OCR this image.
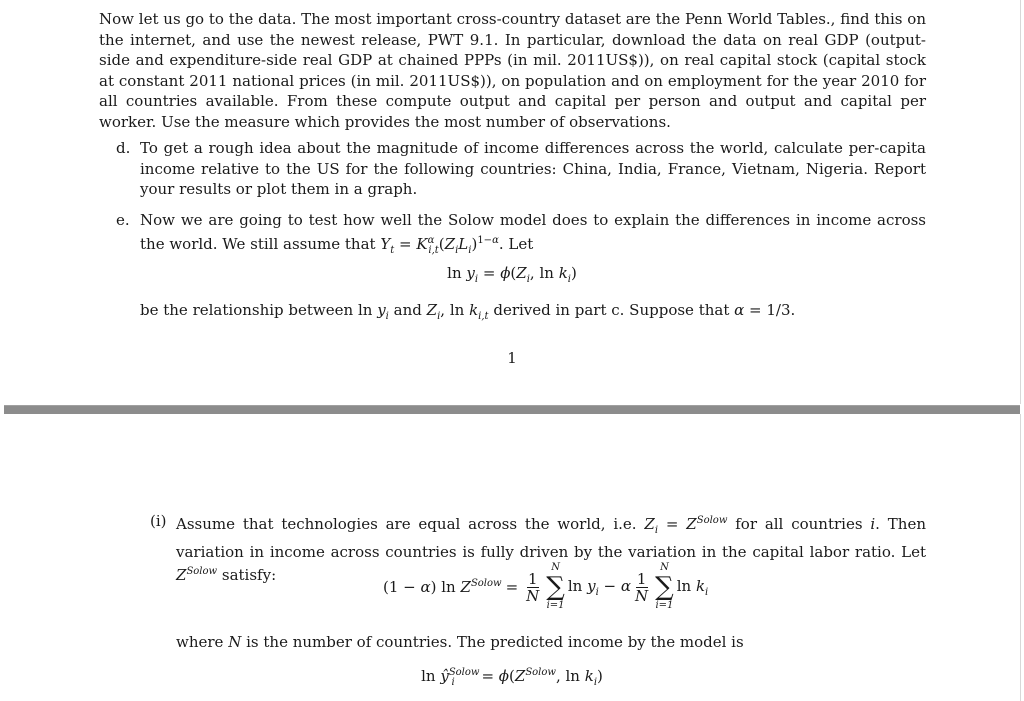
Now let us go to the data. The most important cross-country dataset are the Penn World Tables., find this on the internet, and use the newest release, PWT 9.1. In particular, download the data on real GDP (output-side and expenditure-side real GDP at chained PPPs (in mil. 2011US$)), on real capital stock (capital stock at constant 2011 national prices (in mil. 2011US$)), on population and on employment for the year 2010 for all countries available. From these compute output and capital per person and output and capital per worker. Use the measure which provides the most number of observations.

d. To get a rough idea about the magnitude of income differences across the world, calculate per-capita income relative to the US for the following countries: China, India, France, Vietnam, Nigeria. Report your results or plot them in a graph.

e. Now we are going to test how well the Solow model does to explain the differences in income across the world. We still assume that $Y_t = K^\alpha_{i,t}(Z_iL_i)^{1-\alpha}$. Let

$\ln y_i = \phi(Z_i$, $\ln k_i$)

be the relationship between $\ln y_i$ and $Z_i$, $\ln k_{i,t}$ derived in part c. Suppose that α = 1/3.

1
(i) Assume that technologies are equal across the world, i.e. $Z_i = Z^{Solow}$ for all countries i. Then variation in income across countries is fully driven by the variation in the capital labor ratio. Let $Z^{Solow}$ satisfy:

(1 − α) $\ln Z^{Solow} = \frac{1}{N}$
N
∑
i=1
$\ln y_i - \alpha \frac{1}{N}$
N
∑
i=1
$\ln k_i$

where N is the number of countries. The predicted income by the model is

$\ln ŷ^{Solow}_i = \phi(Z^{Solow}$, $\ln k_i$)
